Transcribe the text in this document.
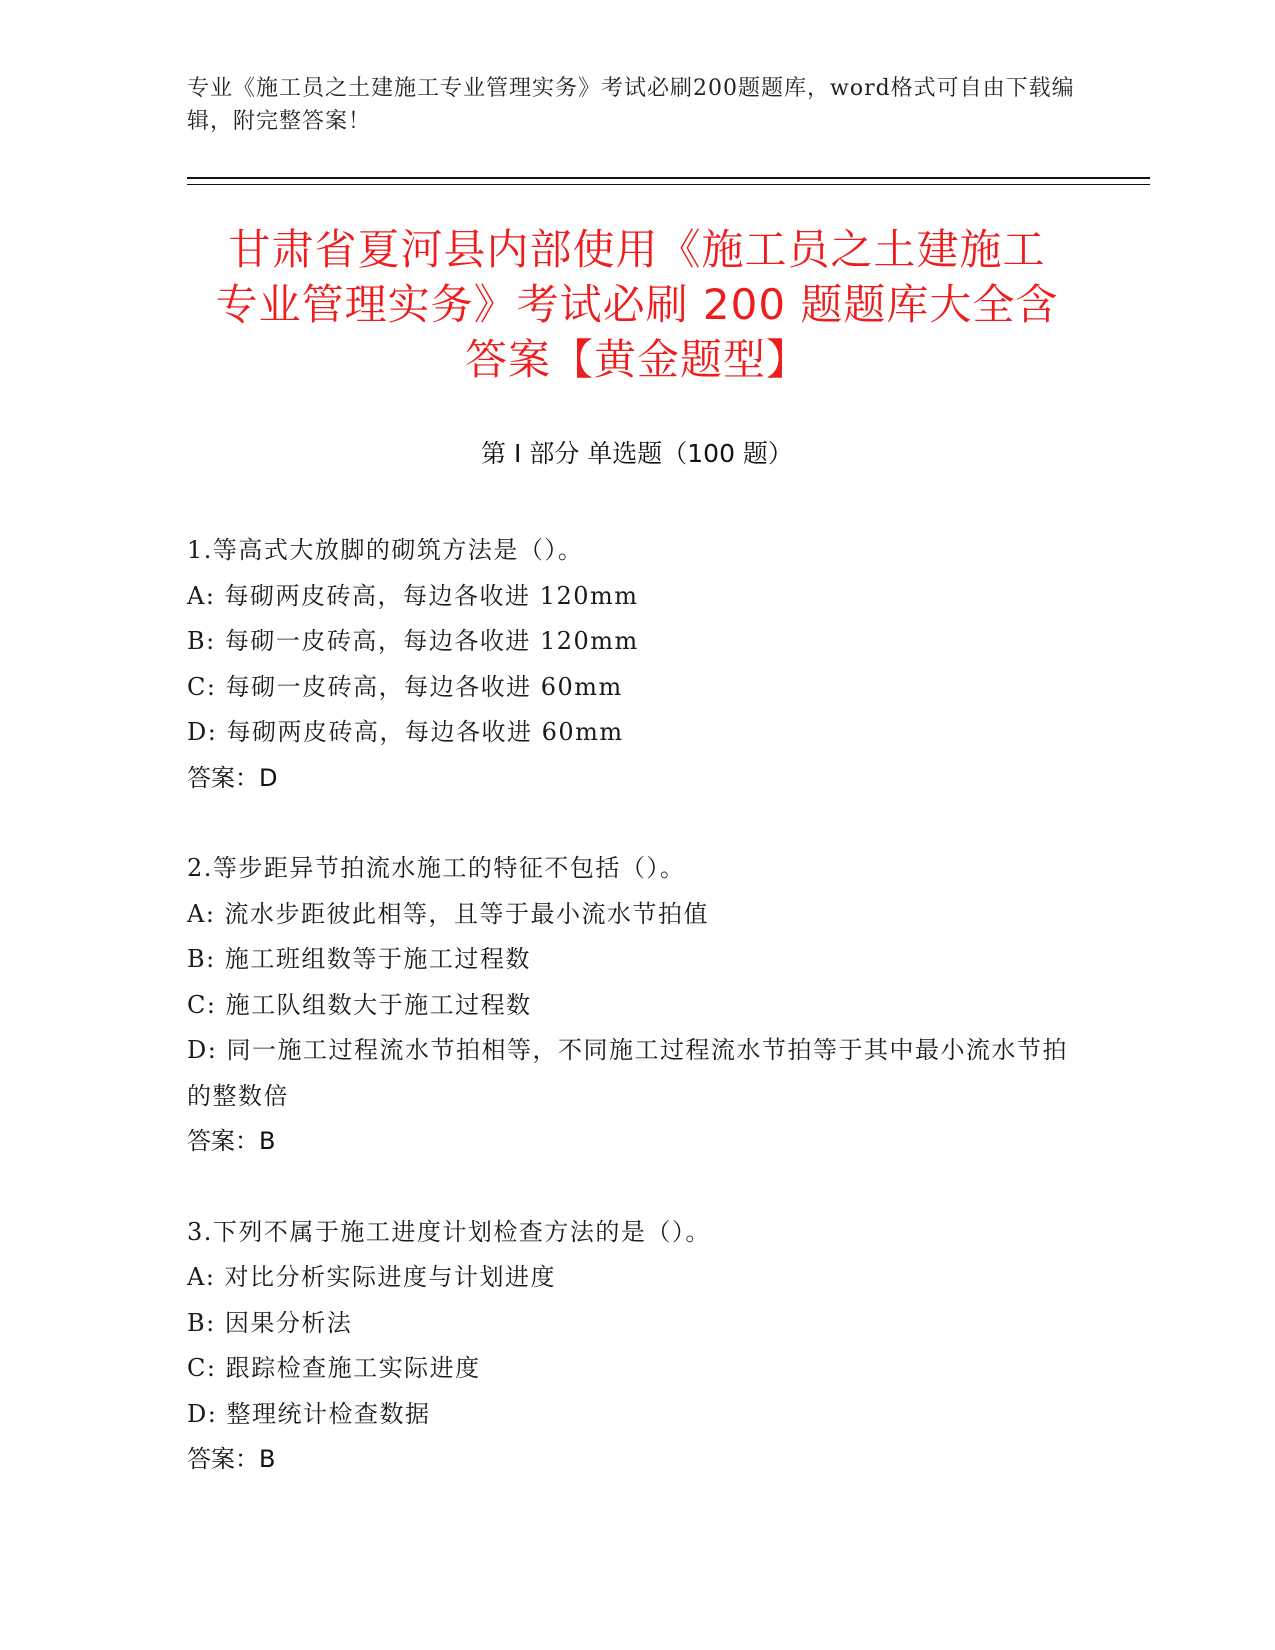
专业《施工员之土建施工专业管理实务》考试必刷200题题库，word格式可自由下载编辑，附完整答案！
甘肃省夏河县内部使用《施工员之土建施工
专业管理实务》考试必刷 200 题题库大全含
答案【黄金题型】
第 I 部分 单选题（100 题）
1.等高式大放脚的砌筑方法是（）。
A: 每砌两皮砖高，每边各收进 120mm
B: 每砌一皮砖高，每边各收进 120mm
C: 每砌一皮砖高，每边各收进 60mm
D: 每砌两皮砖高，每边各收进 60mm
答案：D
2.等步距异节拍流水施工的特征不包括（）。
A: 流水步距彼此相等，且等于最小流水节拍值
B: 施工班组数等于施工过程数
C: 施工队组数大于施工过程数
D: 同一施工过程流水节拍相等，不同施工过程流水节拍等于其中最小流水节拍的整数倍
答案：B
3.下列不属于施工进度计划检查方法的是（）。
A: 对比分析实际进度与计划进度
B: 因果分析法
C: 跟踪检查施工实际进度
D: 整理统计检查数据
答案：B
